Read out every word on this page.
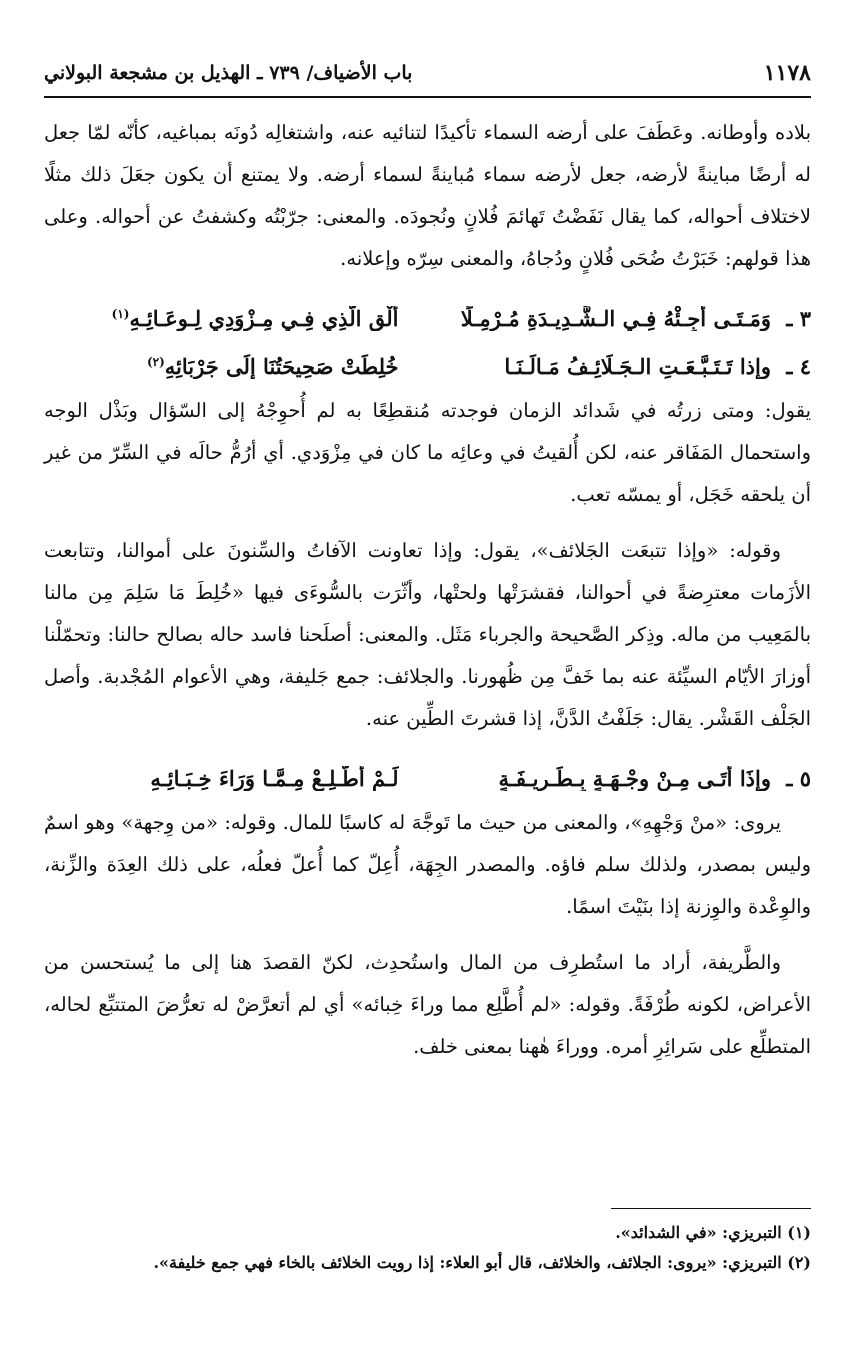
١١٧٨
باب الأضياف/ ٧٣٩ ـ الهذيل بن مشجعة البولاني

بلاده وأوطانه. وعَطَفَ على أرضه السماء تأكيدًا لتنائيه عنه، واشتغالِه دُونَه بمباغيه، كأنّه لمّا جعل له أرضًا مباينةً لأرضه، جعل لأرضه سماء مُباينةً لسماء أرضه. ولا يمتنع أن يكون جعَلَ ذلك مثلًا لاختلاف أحواله، كما يقال نَفَضْتُ تَهائمَ فُلانٍ ونُجودَه. والمعنى: جرّبْتُه وكشفتُ عن أحواله. وعلى هذا قولهم: خَبَرْتُ ضُحَى فُلانٍ ودُجاهُ، والمعنى سِرّه وإعلانه.

٣ ـ
وَمَـتَـى أَجِـئْهُ فِـي الـشَّـدِيـدَةِ مُـرْمِـلًا
أُلْقِ الَّذِي فِـي مِـزْوَدِي لِـوِعَـائِـهِ$^{(١)}$
٤ ـ
وإذا تَـتَـبَّـعَـتِ الـجَـلَائِـفُ مَـالَـنَـا
خُلِطَتْ صَحِيحَتُنَا إِلَى جَرْبَائِهِ$^{(٢)}$

يقول: ومتى زرتُه في شَدائد الزمان فوجدته مُنقطِعًا به لم أُحوِجْهُ إلى السّؤال وبَذْل الوجه واستحمال المَفَاقر عنه، لكن أُلقيتُ في وعائِه ما كان في مِزْوَدي. أي أرُمُّ حالَه في السِّرّ من غير أن يلحقه خَجَل، أو يمسّه تعب.

وقوله: «وإذا تتبعَت الجَلائف»، يقول: وإذا تعاونت الآفاتُ والسِّنونَ على أموالنا، وتتابعت الأزَمات معترِضةً في أحوالنا، فقشرَتْها ولحتْها، وأثّرَت بالسُّوءَى فيها «خُلِطَ مَا سَلِمَ مِن مالنا بالمَعِيب من ماله. وذِكر الصَّحيحة والجرباء مَثَل. والمعنى: أصلَحنا فاسد حاله بصالح حالنا: وتحمّلْنا أوزارَ الأيّام السيِّئة عنه بما خَفَّ مِن ظُهورنا. والجلائف: جمع جَليفة، وهي الأعوام المُجْدبة. وأصل الجَلْف القَشْر. يقال: جَلَفْتُ الدَّنَّ، إذا قشرتَ الطِّين عنه.

٥ ـ
وإذَا أَتَـى مِـنْ وِجْـهَـةٍ بِـطَـرِيـفَـةٍ
لَـمْ أَطَّـلِـعْ مِـمَّـا وَرَاءَ خِـبَـائِـهِ

يروى: «منْ وَجْهِهِ»، والمعنى من حيث ما تَوجَّهَ له كاسبًا للمال. وقوله: «من وِجهة» وهو اسمٌ وليس بمصدر، ولذلك سلم فاؤه. والمصدر الجِهَة، أُعِلّ كما أُعلّ فعلُه، على ذلك العِدَة والزِّنة، والوِعْدة والوِزنة إذا بنَيْتَ اسمًا.

والطَّريفة، أراد ما استُطرِف من المال واستُحدِث، لكنّ القصدَ هنا إلى ما يُستحسن من الأعراض، لكونه طُرْفَةً. وقوله: «لم أُطَّلِع مما وراءَ خِبائه» أي لم أتعرَّضْ له تعرُّضَ المتتبِّع لحاله، المتطلِّع على سَرائِرِ أمره. ووراءَ هٰهنا بمعنى خلف.

(١) التبريزي: «في الشدائد».
(٢) التبريزي: «يروى: الجلائف، والخلائف، قال أبو العلاء: إذا رويت الخلائف بالخاء فهي جمع خليفة».
